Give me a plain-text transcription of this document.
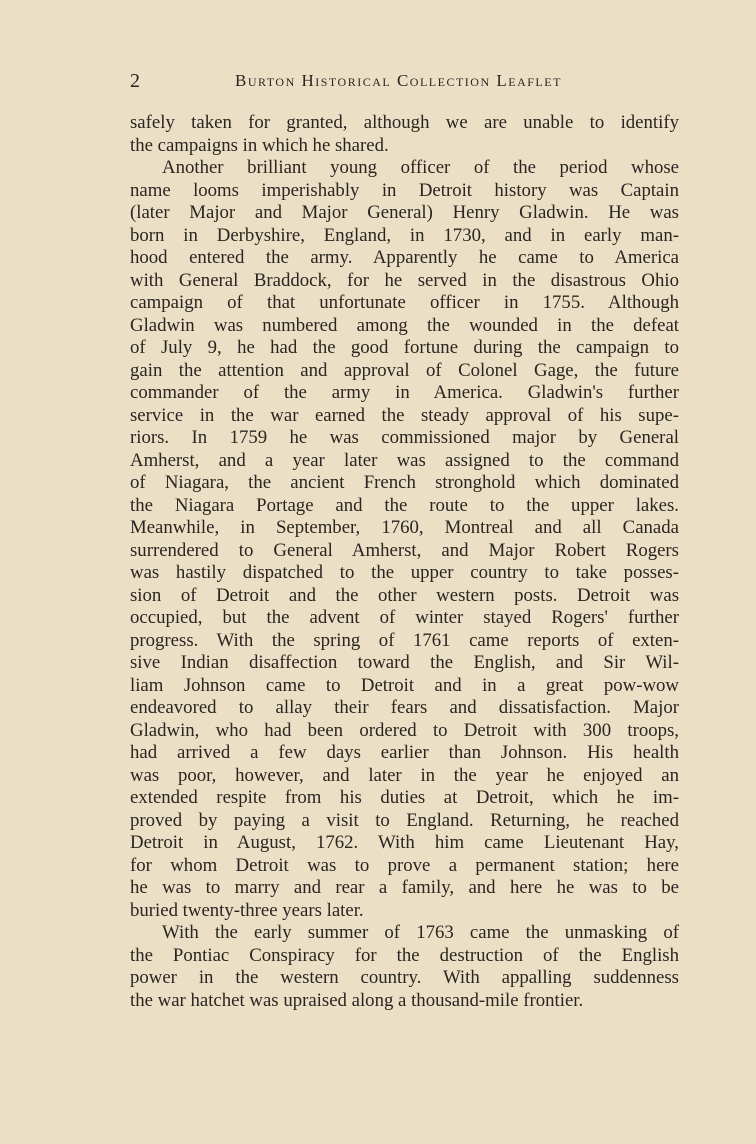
2	Burton Historical Collection Leaflet
safely taken for granted, although we are unable to identify
the campaigns in which he shared.
Another brilliant young officer of the period whose
name looms imperishably in Detroit history was Captain
(later Major and Major General) Henry Gladwin. He was
born in Derbyshire, England, in 1730, and in early man-
hood entered the army. Apparently he came to America
with General Braddock, for he served in the disastrous Ohio
campaign of that unfortunate officer in 1755. Although
Gladwin was numbered among the wounded in the defeat
of July 9, he had the good fortune during the campaign to
gain the attention and approval of Colonel Gage, the future
commander of the army in America. Gladwin's further
service in the war earned the steady approval of his supe-
riors. In 1759 he was commissioned major by General
Amherst, and a year later was assigned to the command
of Niagara, the ancient French stronghold which dominated
the Niagara Portage and the route to the upper lakes.
Meanwhile, in September, 1760, Montreal and all Canada
surrendered to General Amherst, and Major Robert Rogers
was hastily dispatched to the upper country to take posses-
sion of Detroit and the other western posts. Detroit was
occupied, but the advent of winter stayed Rogers' further
progress. With the spring of 1761 came reports of exten-
sive Indian disaffection toward the English, and Sir Wil-
liam Johnson came to Detroit and in a great pow-wow
endeavored to allay their fears and dissatisfaction. Major
Gladwin, who had been ordered to Detroit with 300 troops,
had arrived a few days earlier than Johnson. His health
was poor, however, and later in the year he enjoyed an
extended respite from his duties at Detroit, which he im-
proved by paying a visit to England. Returning, he reached
Detroit in August, 1762. With him came Lieutenant Hay,
for whom Detroit was to prove a permanent station; here
he was to marry and rear a family, and here he was to be
buried twenty-three years later.
With the early summer of 1763 came the unmasking of
the Pontiac Conspiracy for the destruction of the English
power in the western country. With appalling suddenness
the war hatchet was upraised along a thousand-mile frontier.
